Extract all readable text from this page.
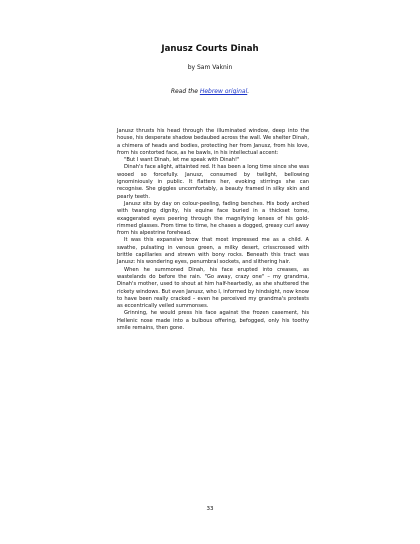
Janusz Courts Dinah
by Sam Vaknin
Read the Hebrew original.

Janusz thrusts his head through the illuminated window, deep into the house, his desperate shadow bedaubed across the wall. We shelter Dinah, a chimera of heads and bodies, protecting her from Janusz, from his love, from his contorted face, as he bawls, in his intellectual accent:

"But I want Dinah, let me speak with Dinah!"

Dinah's face alight, attainted red. It has been a long time since she was wooed so forcefully. Janusz, consumed by twilight, bellowing ignominiously in public. It flatters her, evoking stirrings she can recognise. She giggles uncomfortably, a beauty framed in silky skin and pearly teeth.

Janusz sits by day on colour-peeling, fading benches. His body arched with twanging dignity, his equine face buried in a thickset tome, exaggerated eyes peering through the magnifying lenses of his gold-rimmed glasses. From time to time, he chases a dogged, greasy curl away from his alpestrine forehead.

It was this expansive brow that most impressed me as a child. A swathe, pulsating in venous green, a milky desert, crisscrossed with brittle capillaries and strewn with bony rocks. Beneath this tract was Janusz: his wondering eyes, penumbral sockets, and slithering hair.

When he summoned Dinah, his face erupted into creases, as wastelands do before the rain. "Go away, crazy one" – my grandma, Dinah's mother, used to shout at him half-heartedly, as she shuttered the rickety windows. But even Janusz, who I, informed by hindsight, now know to have been really cracked – even he perceived my grandma's protests as eccentrically veiled summonses.

Grinning, he would press his face against the frozen casement, his Hellenic nose made into a bulbous offering, befogged, only his toothy smile remains, then gone.

33
